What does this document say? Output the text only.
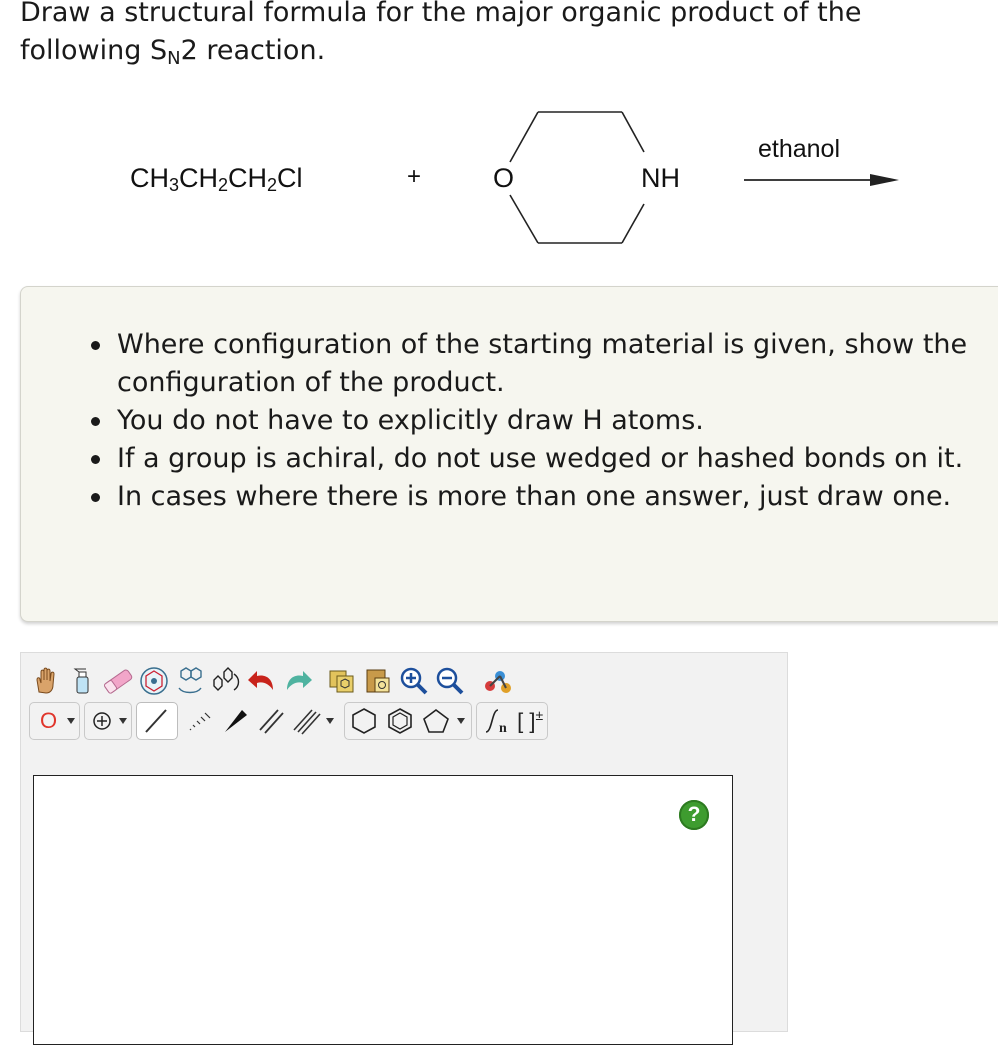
Draw a structural formula for the major organic product of the
following $S_N2$ reaction.

$CH_3CH_2CH_2Cl$	+	O	NH
ethanol
Where configuration of the starting material is given, show the configuration of the product.
You do not have to explicitly draw H atoms.
If a group is achiral, do not use wedged or hashed bonds on it.
In cases where there is more than one answer, just draw one.
O	n [ ]±
?
